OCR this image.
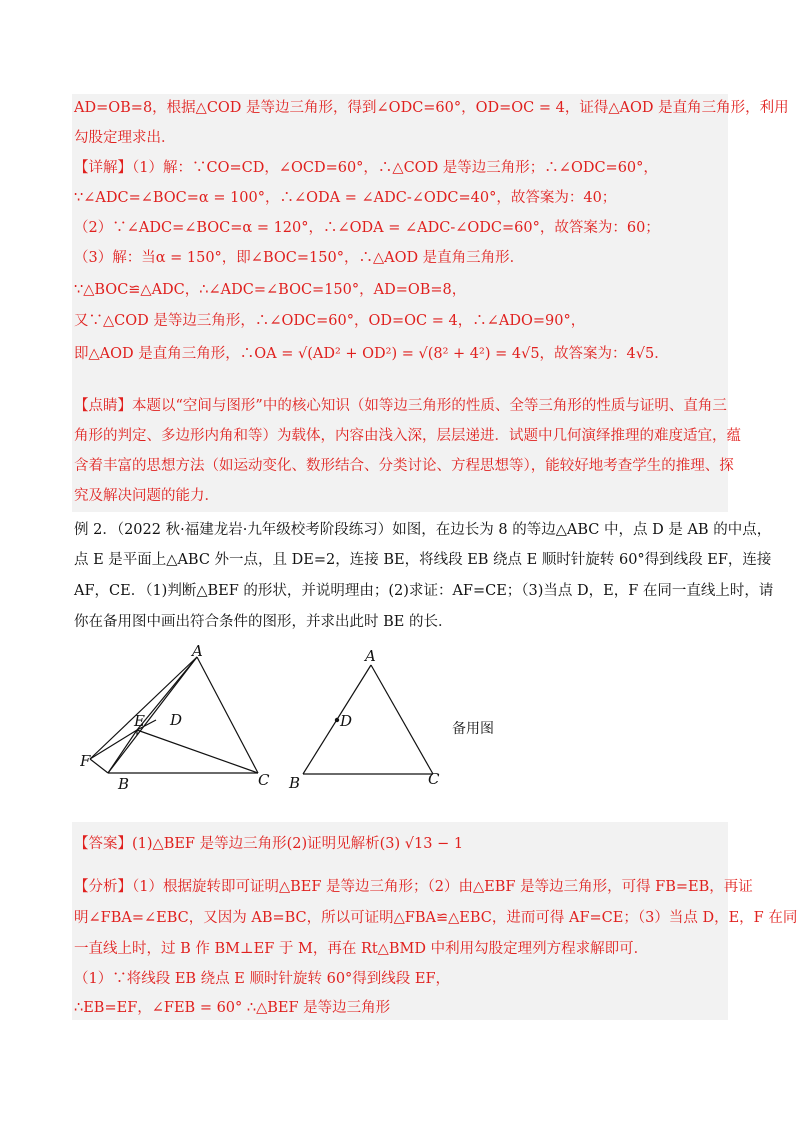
AD=OB=8，根据△COD 是等边三角形，得到∠ODC=60°，OD=OC = 4，证得△AOD 是直角三角形，利用
勾股定理求出．
【详解】（1）解：∵CO=CD，∠OCD=60°，∴△COD 是等边三角形；∴∠ODC=60°，
∵∠ADC=∠BOC=α = 100°，∴∠ODA = ∠ADC-∠ODC=40°，故答案为：40；
（2）∵∠ADC=∠BOC=α = 120°，∴∠ODA = ∠ADC-∠ODC=60°，故答案为：60；
（3）解：当α = 150°，即∠BOC=150°，∴△AOD 是直角三角形．
∵△BOC≌△ADC，∴∠ADC=∠BOC=150°，AD=OB=8，
又∵△COD 是等边三角形，∴∠ODC=60°，OD=OC = 4，∴∠ADO=90°，
即△AOD 是直角三角形，∴OA = √(AD² + OD²) = √(8² + 4²) = 4√5，故答案为：4√5．
【点睛】本题以“空间与图形”中的核心知识（如等边三角形的性质、全等三角形的性质与证明、直角三
角形的判定、多边形内角和等）为载体，内容由浅入深，层层递进．试题中几何演绎推理的难度适宜，蕴
含着丰富的思想方法（如运动变化、数形结合、分类讨论、方程思想等），能较好地考查学生的推理、探
究及解决问题的能力．
例 2．（2022 秋·福建龙岩·九年级校考阶段练习）如图，在边长为 8 的等边△ABC 中，点 D 是 AB 的中点，
点 E 是平面上△ABC 外一点，且 DE=2，连接 BE，将线段 EB 绕点 E 顺时针旋转 60°得到线段 EF，连接
AF，CE．（1)判断△BEF 的形状，并说明理由；(2)求证：AF=CE；（3)当点 D，E，F 在同一直线上时，请
你在备用图中画出符合条件的图形，并求出此时 BE 的长．
A
E D
F
B	C
A
D
B	C
备用图
【答案】(1)△BEF 是等边三角形(2)证明见解析(3) √13 − 1
【分析】（1）根据旋转即可证明△BEF 是等边三角形；（2）由△EBF 是等边三角形，可得 FB=EB，再证
明∠FBA=∠EBC，又因为 AB=BC，所以可证明△FBA≌△EBC，进而可得 AF=CE；（3）当点 D，E，F 在同
一直线上时，过 B 作 BM⊥EF 于 M，再在 Rt△BMD 中利用勾股定理列方程求解即可．
（1）∵将线段 EB 绕点 E 顺时针旋转 60°得到线段 EF，
∴EB=EF，∠FEB = 60° ∴△BEF 是等边三角形
